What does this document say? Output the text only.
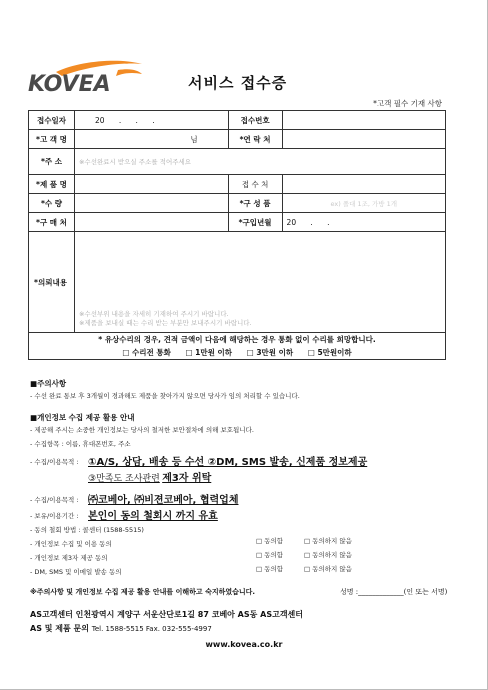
KOVEA	서비스 접수증
*고객 필수 기재 사항
접수일자	20      .      .      .	접수번호	
*고 객 명	님	*연 락 처	
*주 소	※수선완료시 받으실 주소를 적어주세요		
*제 품 명		접 수 처	
*수 량		*구 성 품	ex) 폴대 1조, 가방 1개
*구 매 처		*구입년월	20      .      .
*의뢰내용	※수선부위 내용을 자세히 기재하여 주시기 바랍니다.
※제품을 보내실 때는 수리 받는 부분만 보내주시기 바랍니다.		

* 유상수리의 경우, 견적 금액이 다음에 해당하는 경우 통화 없이 수리를 희망합니다.
□ 수리전 통화 □ 1만원 이하 □ 3만원 이하 □ 5만원이하			
■주의사항
- 수선 완료 통보 후 3개월이 경과해도 제품을 찾아가지 않으면 당사가 임의 처리할 수 있습니다.
■개인정보 수집 제공 활용 안내
- 제공해 주시는 소중한 개인정보는 당사의 철저한 보안절차에 의해 보호됩니다.
- 수집항목 : 이름, 휴대폰번호, 주소
- 수집/이용목적 : ①A/S, 상담, 배송 등 수선 ②DM, SMS 발송, 신제품 정보제공
③만족도 조사관련 제3자 위탁
- 수집/이용목적 : ㈜코베아, ㈜비젼코베아, 협력업체
- 보유/이용기간 : 본인이 동의 철회시 까지 유효
- 동의 철회 방법 : 콜센터 (1588-5515)
- 개인정보 수집 및 이용 동의	□ 동의함	□ 동의하지 않음
- 개인정보 제3자 제공 동의	□ 동의함	□ 동의하지 않음
- DM, SMS 및 이메일 발송 동의	□ 동의함	□ 동의하지 않음
※주의사항 및 개인정보 수집 제공 활용 안내를 이해하고 숙지하였습니다.	성명 :_____________(인 또는 서명)
AS고객센터 인천광역시 계양구 서운산단로1길 87 코베아 AS동 AS고객센터
AS 및 제품 문의 Tel. 1588-5515 Fax. 032-555-4997
www.kovea.co.kr
